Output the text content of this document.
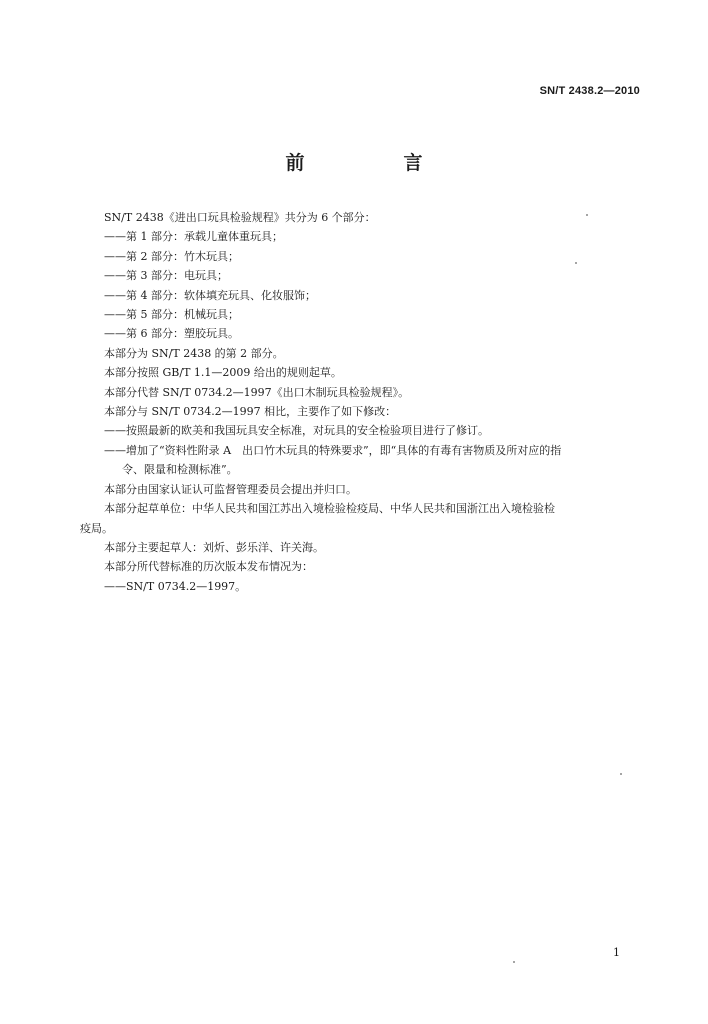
SN/T 2438.2—2010
前　言
SN/T 2438《进出口玩具检验规程》共分为 6 个部分：
——第 1 部分：承载儿童体重玩具；
——第 2 部分：竹木玩具；
——第 3 部分：电玩具；
——第 4 部分：软体填充玩具、化妆服饰；
——第 5 部分：机械玩具；
——第 6 部分：塑胶玩具。
本部分为 SN/T 2438 的第 2 部分。
本部分按照 GB/T 1.1—2009 给出的规则起草。
本部分代替 SN/T 0734.2—1997《出口木制玩具检验规程》。
本部分与 SN/T 0734.2—1997 相比，主要作了如下修改：
——按照最新的欧美和我国玩具安全标准，对玩具的安全检验项目进行了修订。
——增加了“资料性附录 A　出口竹木玩具的特殊要求”，即“具体的有毒有害物质及所对应的指
令、限量和检测标准”。
本部分由国家认证认可监督管理委员会提出并归口。
本部分起草单位：中华人民共和国江苏出入境检验检疫局、中华人民共和国浙江出入境检验检
疫局。
本部分主要起草人：刘炘、彭乐洋、许关海。
本部分所代替标准的历次版本发布情况为：
——SN/T 0734.2—1997。
1
